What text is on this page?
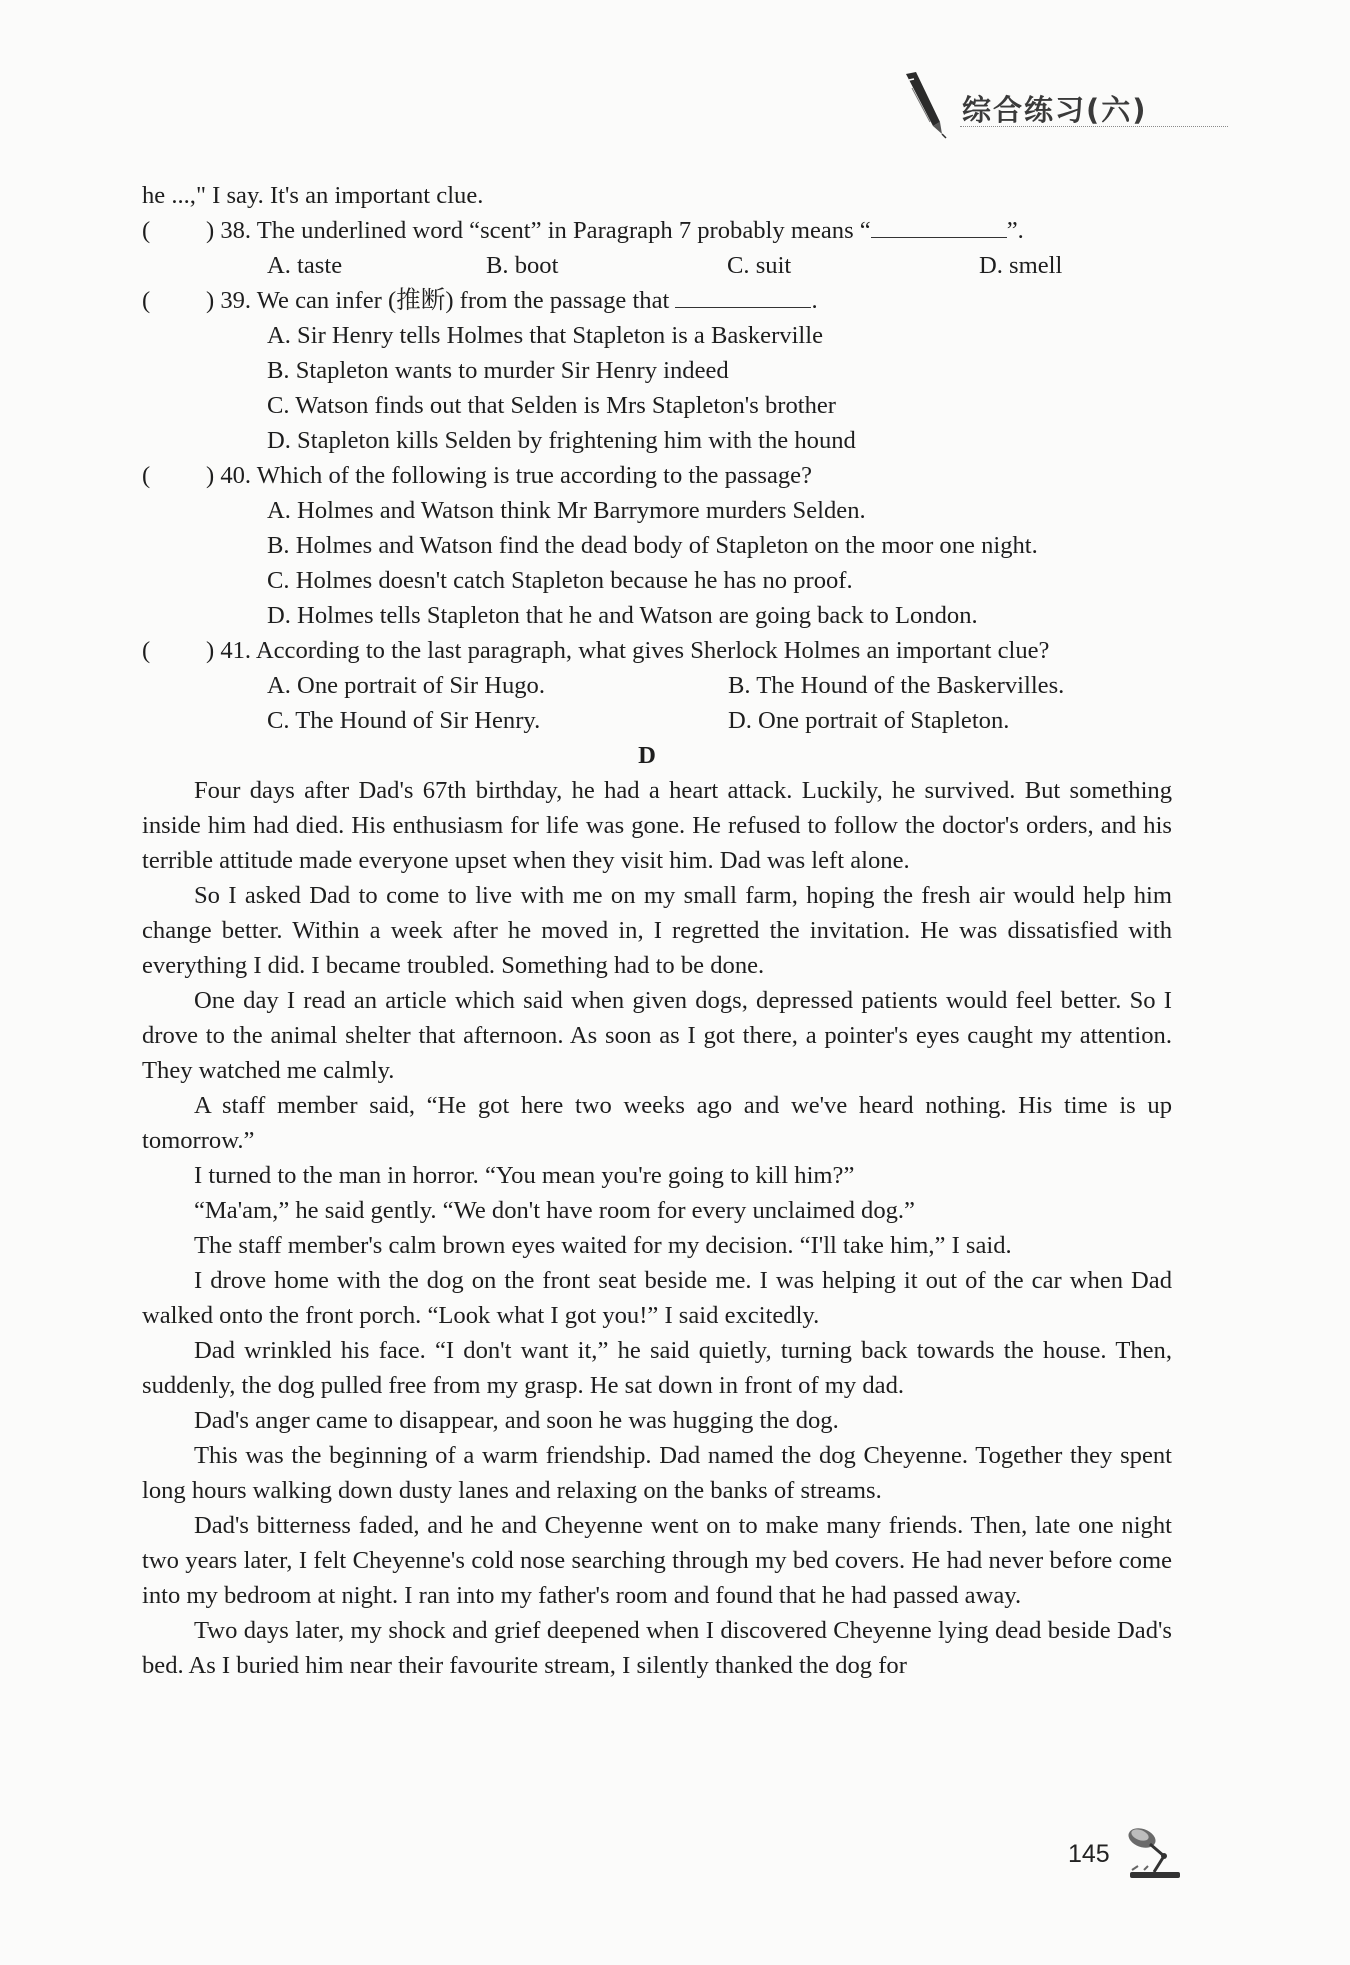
综合练习(六)
he ...," I say. It's an important clue.
( ) 38. The underlined word “scent” in Paragraph 7 probably means “	”.
A. taste	B. boot	C. suit	D. smell
( ) 39. We can infer (推断) from the passage that	.
A. Sir Henry tells Holmes that Stapleton is a Baskerville
B. Stapleton wants to murder Sir Henry indeed
C. Watson finds out that Selden is Mrs Stapleton's brother
D. Stapleton kills Selden by frightening him with the hound
( ) 40. Which of the following is true according to the passage?
A. Holmes and Watson think Mr Barrymore murders Selden.
B. Holmes and Watson find the dead body of Stapleton on the moor one night.
C. Holmes doesn't catch Stapleton because he has no proof.
D. Holmes tells Stapleton that he and Watson are going back to London.
( ) 41. According to the last paragraph, what gives Sherlock Holmes an important clue?
A. One portrait of Sir Hugo.	B. The Hound of the Baskervilles.
C. The Hound of Sir Henry.	D. One portrait of Stapleton.
D

Four days after Dad's 67th birthday, he had a heart attack. Luckily, he survived. But something inside him had died. His enthusiasm for life was gone. He refused to follow the doctor's orders, and his terrible attitude made everyone upset when they visit him. Dad was left alone.

So I asked Dad to come to live with me on my small farm, hoping the fresh air would help him change better. Within a week after he moved in, I regretted the invitation. He was dissatisfied with everything I did. I became troubled. Something had to be done.

One day I read an article which said when given dogs, depressed patients would feel better. So I drove to the animal shelter that afternoon. As soon as I got there, a pointer's eyes caught my attention. They watched me calmly.

A staff member said, “He got here two weeks ago and we've heard nothing. His time is up tomorrow.”

I turned to the man in horror. “You mean you're going to kill him?”

“Ma'am,” he said gently. “We don't have room for every unclaimed dog.”

The staff member's calm brown eyes waited for my decision. “I'll take him,” I said.

I drove home with the dog on the front seat beside me. I was helping it out of the car when Dad walked onto the front porch. “Look what I got you!” I said excitedly.

Dad wrinkled his face. “I don't want it,” he said quietly, turning back towards the house. Then, suddenly, the dog pulled free from my grasp. He sat down in front of my dad.

Dad's anger came to disappear, and soon he was hugging the dog.

This was the beginning of a warm friendship. Dad named the dog Cheyenne. Together they spent long hours walking down dusty lanes and relaxing on the banks of streams.

Dad's bitterness faded, and he and Cheyenne went on to make many friends. Then, late one night two years later, I felt Cheyenne's cold nose searching through my bed covers. He had never before come into my bedroom at night. I ran into my father's room and found that he had passed away.

Two days later, my shock and grief deepened when I discovered Cheyenne lying dead beside Dad's bed. As I buried him near their favourite stream, I silently thanked the dog for

145
